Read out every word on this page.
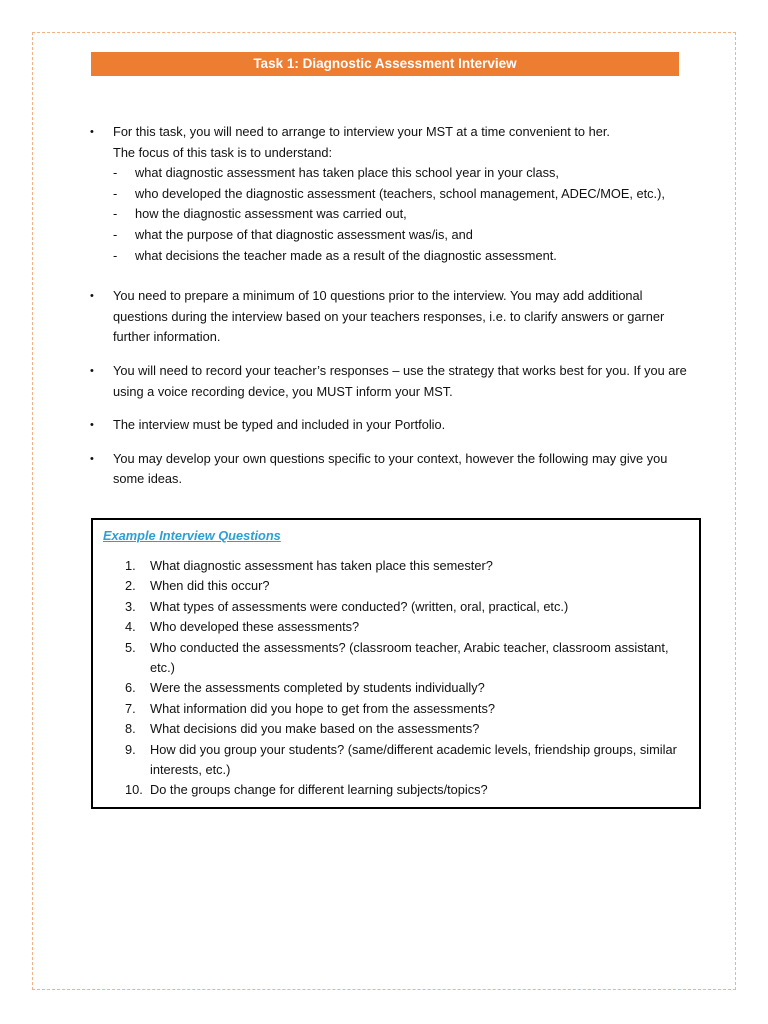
Task 1: Diagnostic Assessment Interview
•	For this task, you will need to arrange to interview your MST at a time convenient to her.
The focus of this task is to understand:
- what diagnostic assessment has taken place this school year in your class,
- who developed the diagnostic assessment (teachers, school management, ADEC/MOE, etc.),
- how the diagnostic assessment was carried out,
- what the purpose of that diagnostic assessment was/is, and
- what decisions the teacher made as a result of the diagnostic assessment.
•	You need to prepare a minimum of 10 questions prior to the interview. You may add additional questions during the interview based on your teachers responses, i.e. to clarify answers or garner further information.
•	You will need to record your teacher’s responses – use the strategy that works best for you. If you are using a voice recording device, you MUST inform your MST.
•	The interview must be typed and included in your Portfolio.
•	You may develop your own questions specific to your context, however the following may give you some ideas.
Example Interview Questions
1. What diagnostic assessment has taken place this semester?
2. When did this occur?
3. What types of assessments were conducted? (written, oral, practical, etc.)
4. Who developed these assessments?
5. Who conducted the assessments? (classroom teacher, Arabic teacher, classroom assistant, etc.)
6. Were the assessments completed by students individually?
7. What information did you hope to get from the assessments?
8. What decisions did you make based on the assessments?
9. How did you group your students? (same/different academic levels, friendship groups, similar interests, etc.)
10. Do the groups change for different learning subjects/topics?
